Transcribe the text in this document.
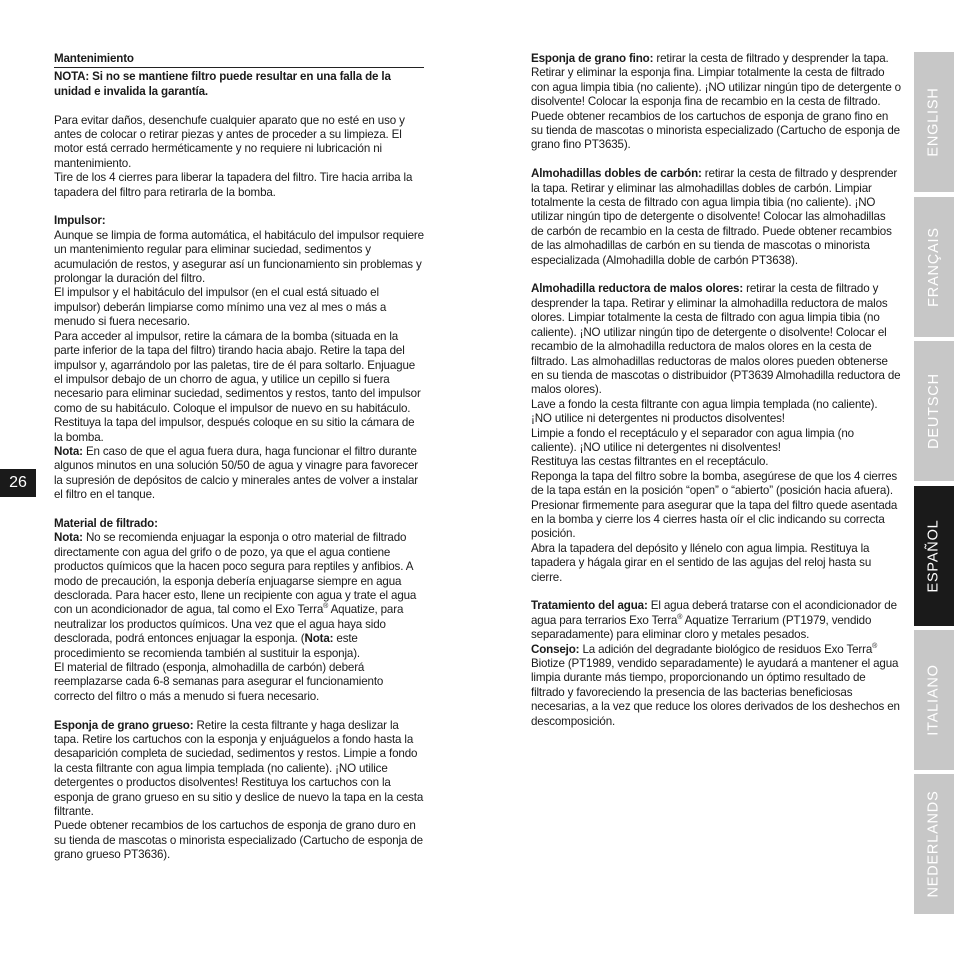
26
Mantenimiento
NOTA: Si no se mantiene filtro puede resultar en una falla de la unidad e invalida la garantía.

Para evitar daños, desenchufe cualquier aparato que no esté en uso y antes de colocar o retirar piezas y antes de proceder a su limpieza. El motor está cerrado herméticamente y no requiere ni lubricación ni mantenimiento.

Tire de los 4 cierres para liberar la tapadera del filtro. Tire hacia arriba la tapadera del filtro para retirarla de la bomba.

Impulsor:

Aunque se limpia de forma automática, el habitáculo del impulsor requiere un mantenimiento regular para eliminar suciedad, sedimentos y acumulación de restos, y asegurar así un funcionamiento sin problemas y prolongar la duración del filtro.

El impulsor y el habitáculo del impulsor (en el cual está situado el impulsor) deberán limpiarse como mínimo una vez al mes o más a menudo si fuera necesario.

Para acceder al impulsor, retire la cámara de la bomba (situada en la parte inferior de la tapa del filtro) tirando hacia abajo. Retire la tapa del impulsor y, agarrándolo por las paletas, tire de él para soltarlo. Enjuague el impulsor debajo de un chorro de agua, y utilice un cepillo si fuera necesario para eliminar suciedad, sedimentos y restos, tanto del impulsor como de su habitáculo. Coloque el impulsor de nuevo en su habitáculo. Restituya la tapa del impulsor, después coloque en su sitio la cámara de la bomba.

Nota: En caso de que el agua fuera dura, haga funcionar el filtro durante algunos minutos en una solución 50/50 de agua y vinagre para favorecer la supresión de depósitos de calcio y minerales antes de volver a instalar el filtro en el tanque.

Material de filtrado:

Nota: No se recomienda enjuagar la esponja o otro material de filtrado directamente con agua del grifo o de pozo, ya que el agua contiene productos químicos que la hacen poco segura para reptiles y anfibios. A modo de precaución, la esponja debería enjuagarse siempre en agua desclorada. Para hacer esto, llene un recipiente con agua y trate el agua con un acondicionador de agua, tal como el Exo Terra® Aquatize, para neutralizar los productos químicos. Una vez que el agua haya sido desclorada, podrá entonces enjuagar la esponja. (Nota: este procedimiento se recomienda también al sustituir la esponja).

El material de filtrado (esponja, almohadilla de carbón) deberá reemplazarse cada 6-8 semanas para asegurar el funcionamiento correcto del filtro o más a menudo si fuera necesario.

Esponja de grano grueso: Retire la cesta filtrante y haga deslizar la tapa. Retire los cartuchos con la esponja y enjuáguelos a fondo hasta la desaparición completa de suciedad, sedimentos y restos. Limpie a fondo la cesta filtrante con agua limpia templada (no caliente). ¡NO utilice detergentes o productos disolventes! Restituya los cartuchos con la esponja de grano grueso en su sitio y deslice de nuevo la tapa en la cesta filtrante.

Puede obtener recambios de los cartuchos de esponja de grano duro en su tienda de mascotas o minorista especializado (Cartucho de esponja de grano grueso PT3636).

Esponja de grano fino: retirar la cesta de filtrado y desprender la tapa. Retirar y eliminar la esponja fina. Limpiar totalmente la cesta de filtrado con agua limpia tibia (no caliente). ¡NO utilizar ningún tipo de detergente o disolvente! Colocar la esponja fina de recambio en la cesta de filtrado. Puede obtener recambios de los cartuchos de esponja de grano fino en su tienda de mascotas o minorista especializado (Cartucho de esponja de grano fino PT3635).

Almohadillas dobles de carbón: retirar la cesta de filtrado y desprender la tapa. Retirar y eliminar las almohadillas dobles de carbón. Limpiar totalmente la cesta de filtrado con agua limpia tibia (no caliente). ¡NO utilizar ningún tipo de detergente o disolvente! Colocar las almohadillas de carbón de recambio en la cesta de filtrado. Puede obtener recambios de las almohadillas de carbón en su tienda de mascotas o minorista especializada (Almohadilla doble de carbón PT3638).

Almohadilla reductora de malos olores: retirar la cesta de filtrado y desprender la tapa. Retirar y eliminar la almohadilla reductora de malos olores. Limpiar totalmente la cesta de filtrado con agua limpia tibia (no caliente). ¡NO utilizar ningún tipo de detergente o disolvente! Colocar el recambio de la almohadilla reductora de malos olores en la cesta de filtrado. Las almohadillas reductoras de malos olores pueden obtenerse en su tienda de mascotas o distribuidor (PT3639 Almohadilla reductora de malos olores).

Lave a fondo la cesta filtrante con agua limpia templada (no caliente). ¡NO utilice ni detergentes ni productos disolventes!

Limpie a fondo el receptáculo y el separador con agua limpia (no caliente). ¡NO utilice ni detergentes ni disolventes!

Restituya las cestas filtrantes en el receptáculo.

Reponga la tapa del filtro sobre la bomba, asegúrese de que los 4 cierres de la tapa están en la posición “open” o “abierto” (posición hacia afuera). Presionar firmemente para asegurar que la tapa del filtro quede asentada en la bomba y cierre los 4 cierres hasta oír el clic indicando su correcta posición.

Abra la tapadera del depósito y llénelo con agua limpia. Restituya la tapadera y hágala girar en el sentido de las agujas del reloj hasta su cierre.

Tratamiento del agua: El agua deberá tratarse con el acondicionador de agua para terrarios Exo Terra® Aquatize Terrarium (PT1979, vendido separadamente) para eliminar cloro y metales pesados.

Consejo: La adición del degradante biológico de residuos Exo Terra® Biotize (PT1989, vendido separadamente) le ayudará a mantener el agua limpia durante más tiempo, proporcionando un óptimo resultado de filtrado y favoreciendo la presencia de las bacterias beneficiosas necesarias, a la vez que reduce los olores derivados de los deshechos en descomposición.

ENGLISH
FRANÇAIS
DEUTSCH
ESPAÑOL
ITALIANO
NEDERLANDS
